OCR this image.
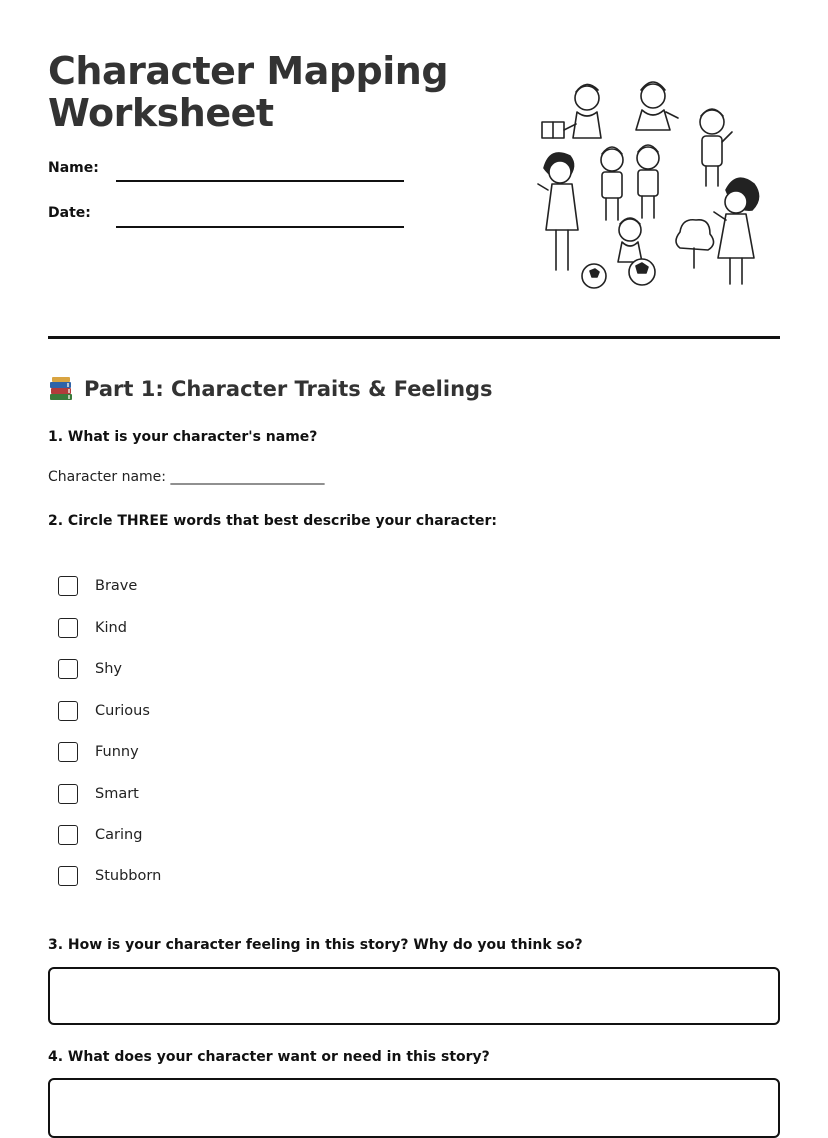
Character Mapping Worksheet
Name:
Date:
Part 1: Character Traits & Feelings

1. What is your character's name?

Character name: ______________________

2. Circle THREE words that best describe your character:

Brave
Kind
Shy
Curious
Funny
Smart
Caring
Stubborn

3. How is your character feeling in this story? Why do you think so?

4. What does your character want or need in this story?
